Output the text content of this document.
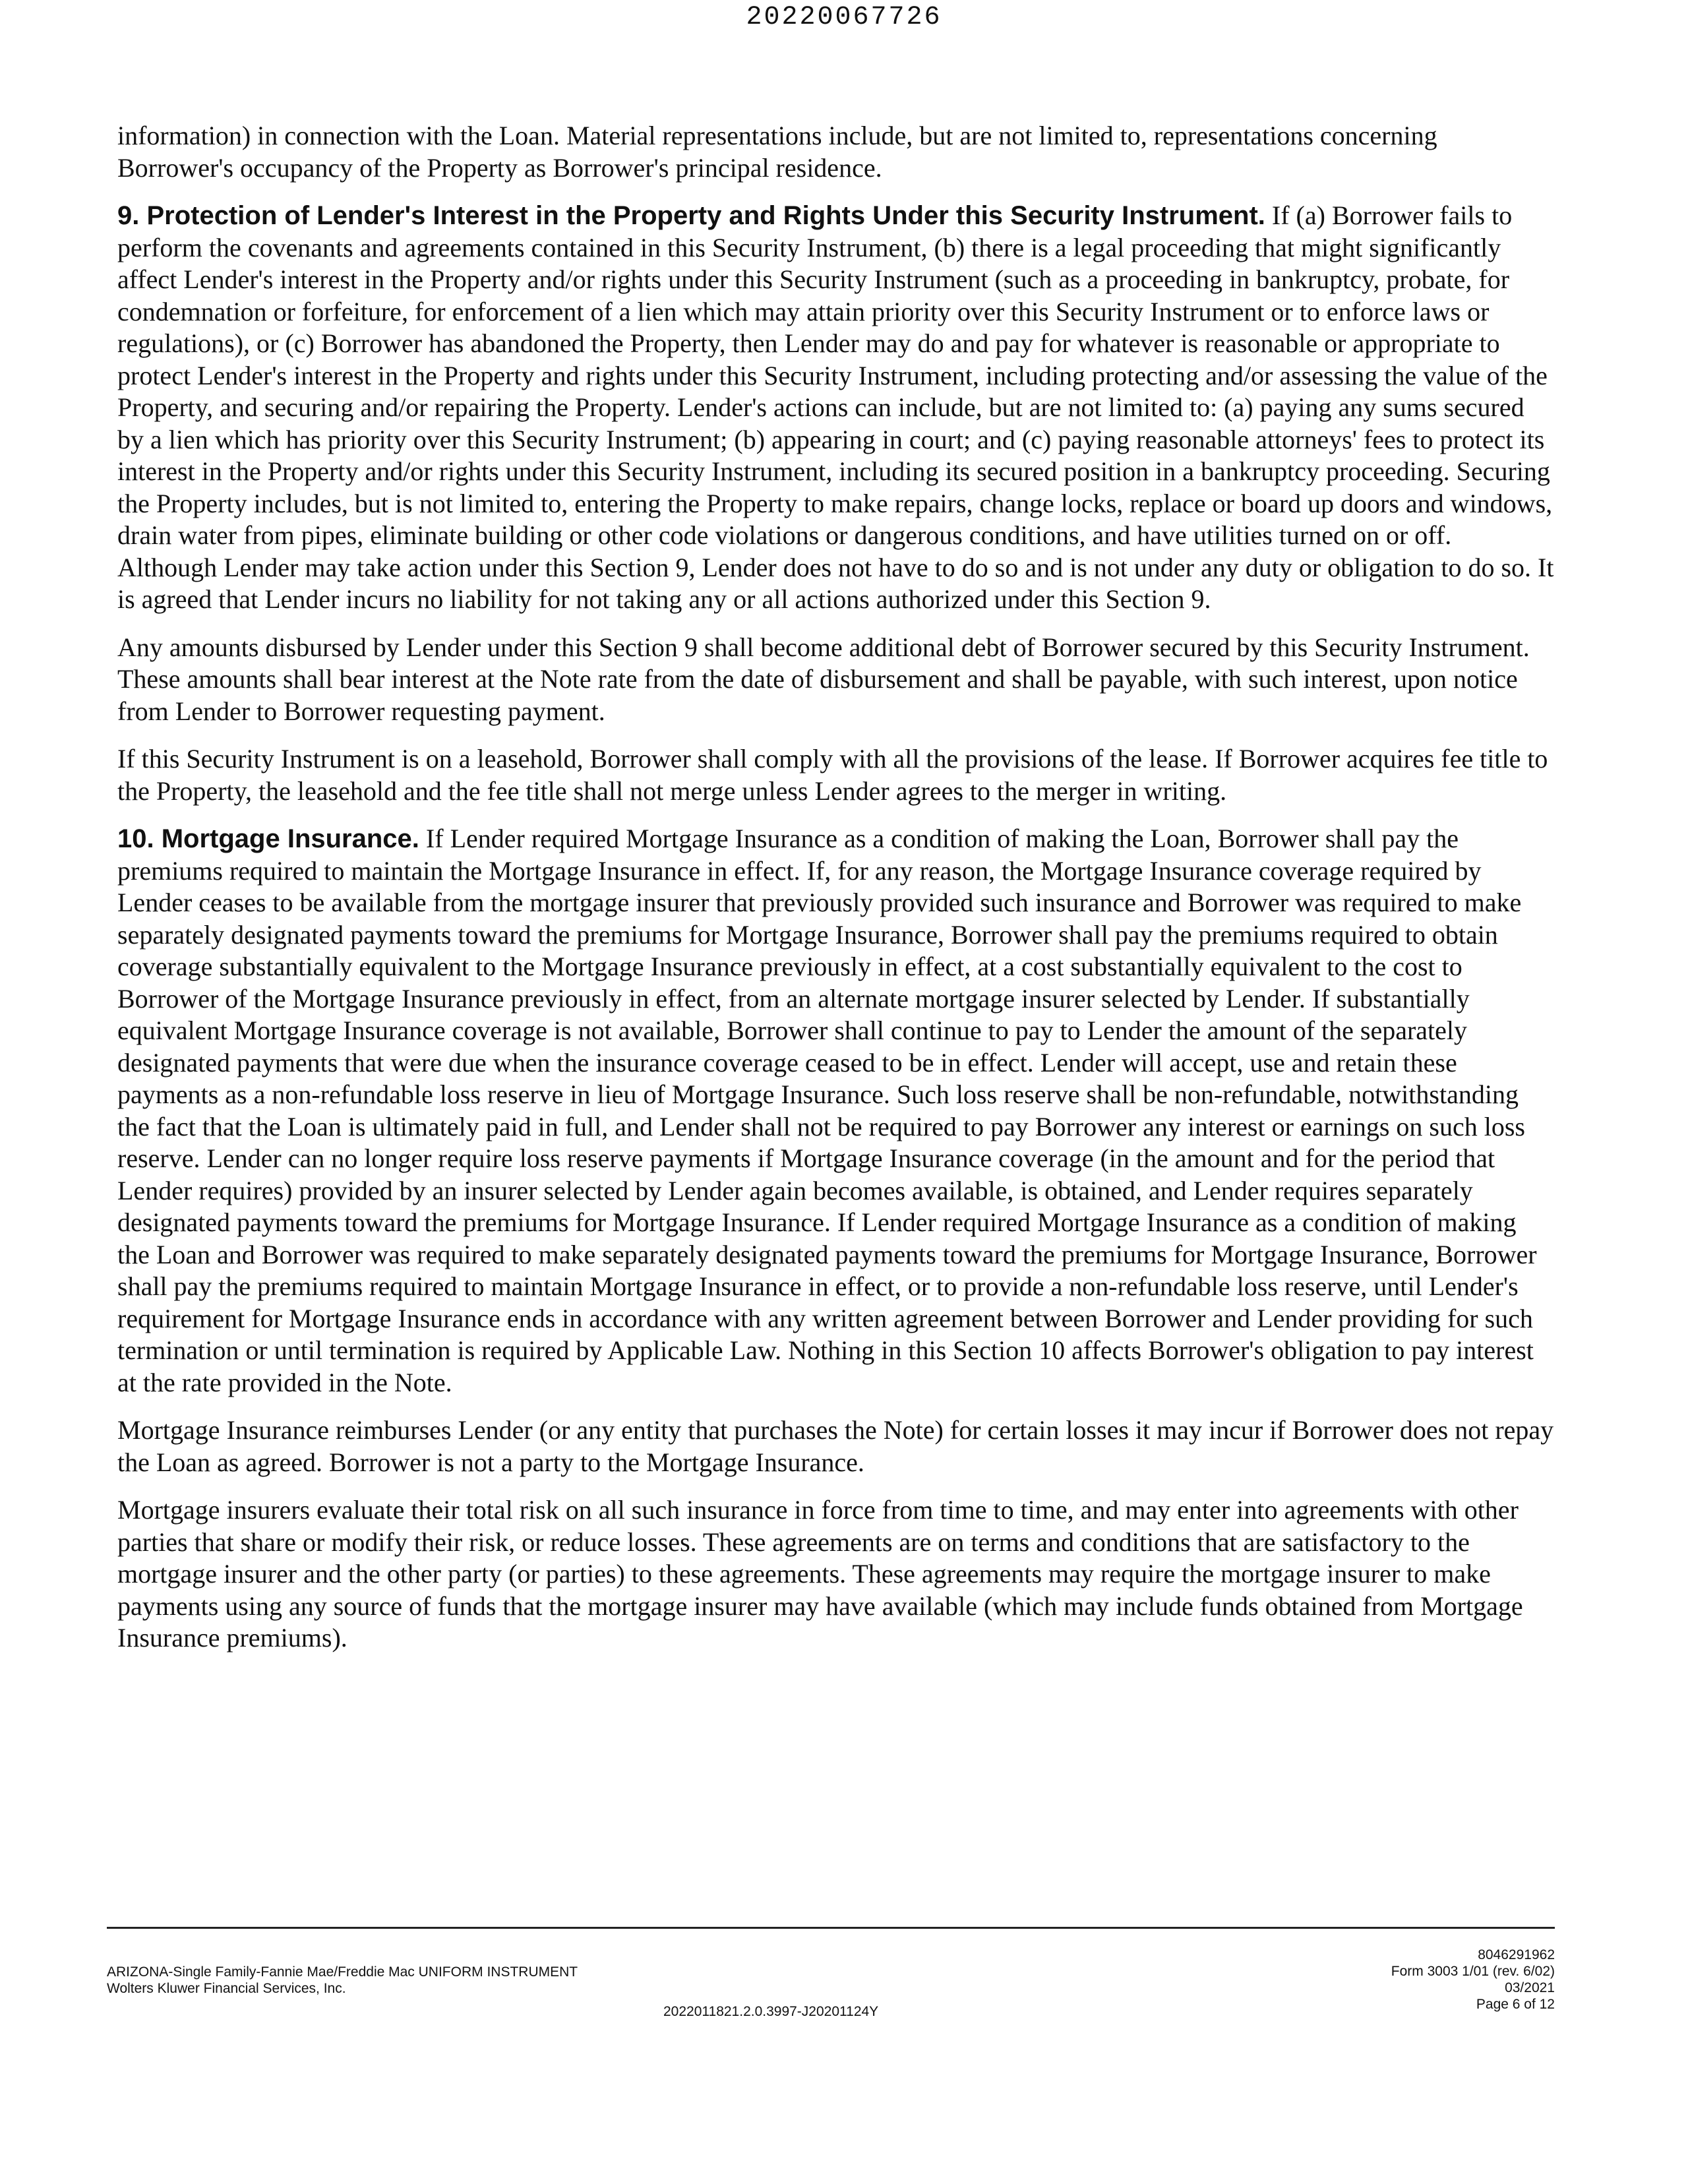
20220067726

information) in connection with the Loan. Material representations include, but are not limited to, representations concerning Borrower's occupancy of the Property as Borrower's principal residence.

9. Protection of Lender's Interest in the Property and Rights Under this Security Instrument. If (a) Borrower fails to perform the covenants and agreements contained in this Security Instrument, (b) there is a legal proceeding that might significantly affect Lender's interest in the Property and/or rights under this Security Instrument (such as a proceeding in bankruptcy, probate, for condemnation or forfeiture, for enforcement of a lien which may attain priority over this Security Instrument or to enforce laws or regulations), or (c) Borrower has abandoned the Property, then Lender may do and pay for whatever is reasonable or appropriate to protect Lender's interest in the Property and rights under this Security Instrument, including protecting and/or assessing the value of the Property, and securing and/or repairing the Property. Lender's actions can include, but are not limited to: (a) paying any sums secured by a lien which has priority over this Security Instrument; (b) appearing in court; and (c) paying reasonable attorneys' fees to protect its interest in the Property and/or rights under this Security Instrument, including its secured position in a bankruptcy proceeding. Securing the Property includes, but is not limited to, entering the Property to make repairs, change locks, replace or board up doors and windows, drain water from pipes, eliminate building or other code violations or dangerous conditions, and have utilities turned on or off. Although Lender may take action under this Section 9, Lender does not have to do so and is not under any duty or obligation to do so. It is agreed that Lender incurs no liability for not taking any or all actions authorized under this Section 9.

Any amounts disbursed by Lender under this Section 9 shall become additional debt of Borrower secured by this Security Instrument. These amounts shall bear interest at the Note rate from the date of disbursement and shall be payable, with such interest, upon notice from Lender to Borrower requesting payment.

If this Security Instrument is on a leasehold, Borrower shall comply with all the provisions of the lease. If Borrower acquires fee title to the Property, the leasehold and the fee title shall not merge unless Lender agrees to the merger in writing.

10. Mortgage Insurance. If Lender required Mortgage Insurance as a condition of making the Loan, Borrower shall pay the premiums required to maintain the Mortgage Insurance in effect. If, for any reason, the Mortgage Insurance coverage required by Lender ceases to be available from the mortgage insurer that previously provided such insurance and Borrower was required to make separately designated payments toward the premiums for Mortgage Insurance, Borrower shall pay the premiums required to obtain coverage substantially equivalent to the Mortgage Insurance previously in effect, at a cost substantially equivalent to the cost to Borrower of the Mortgage Insurance previously in effect, from an alternate mortgage insurer selected by Lender. If substantially equivalent Mortgage Insurance coverage is not available, Borrower shall continue to pay to Lender the amount of the separately designated payments that were due when the insurance coverage ceased to be in effect. Lender will accept, use and retain these payments as a non-refundable loss reserve in lieu of Mortgage Insurance. Such loss reserve shall be non-refundable, notwithstanding the fact that the Loan is ultimately paid in full, and Lender shall not be required to pay Borrower any interest or earnings on such loss reserve. Lender can no longer require loss reserve payments if Mortgage Insurance coverage (in the amount and for the period that Lender requires) provided by an insurer selected by Lender again becomes available, is obtained, and Lender requires separately designated payments toward the premiums for Mortgage Insurance. If Lender required Mortgage Insurance as a condition of making the Loan and Borrower was required to make separately designated payments toward the premiums for Mortgage Insurance, Borrower shall pay the premiums required to maintain Mortgage Insurance in effect, or to provide a non-refundable loss reserve, until Lender's requirement for Mortgage Insurance ends in accordance with any written agreement between Borrower and Lender providing for such termination or until termination is required by Applicable Law. Nothing in this Section 10 affects Borrower's obligation to pay interest at the rate provided in the Note.

Mortgage Insurance reimburses Lender (or any entity that purchases the Note) for certain losses it may incur if Borrower does not repay the Loan as agreed. Borrower is not a party to the Mortgage Insurance.

Mortgage insurers evaluate their total risk on all such insurance in force from time to time, and may enter into agreements with other parties that share or modify their risk, or reduce losses. These agreements are on terms and conditions that are satisfactory to the mortgage insurer and the other party (or parties) to these agreements. These agreements may require the mortgage insurer to make payments using any source of funds that the mortgage insurer may have available (which may include funds obtained from Mortgage Insurance premiums).

ARIZONA-Single Family-Fannie Mae/Freddie Mac UNIFORM INSTRUMENT
Wolters Kluwer Financial Services, Inc.
2022011821.2.0.3997-J20201124Y
8046291962
Form 3003 1/01 (rev. 6/02)
03/2021
Page 6 of 12
